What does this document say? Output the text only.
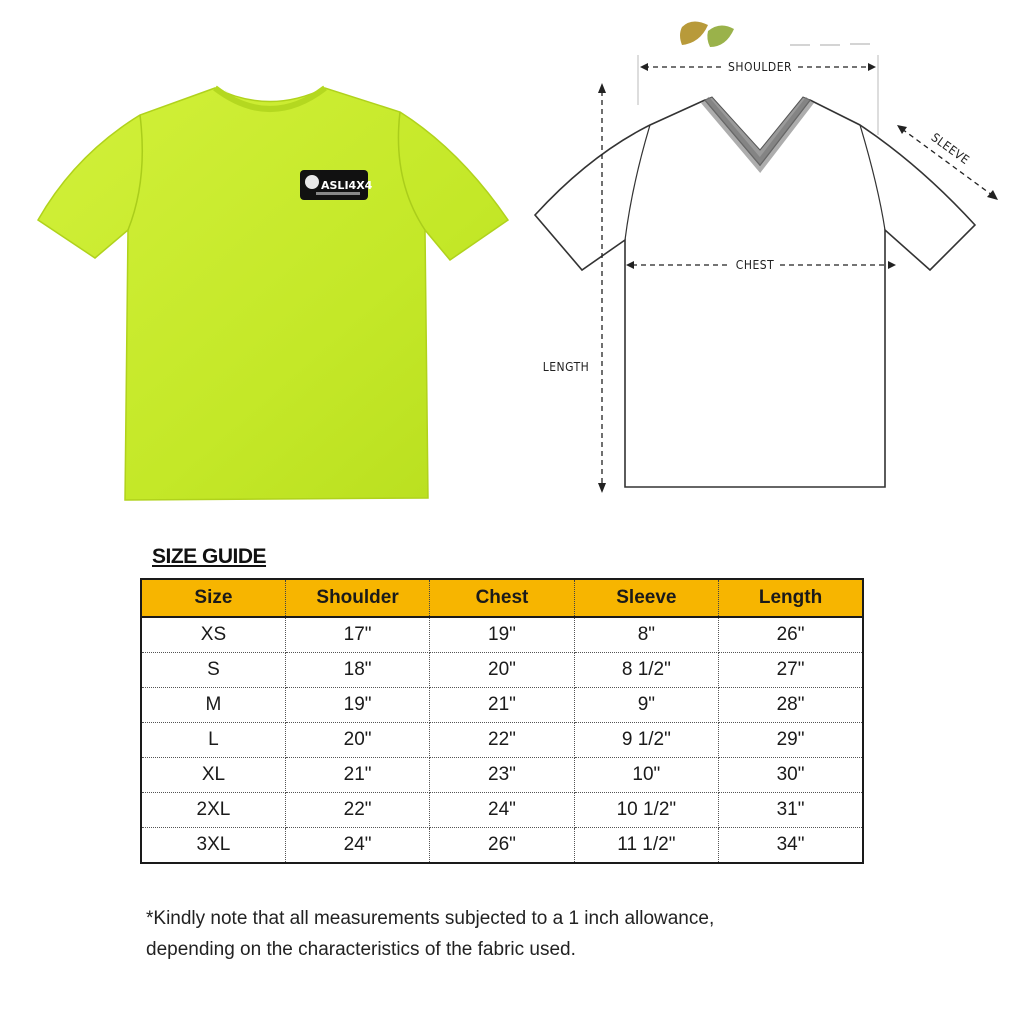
ASLI4X4
SHOULDER
SLEEVE
CHEST
LENGTH
SIZE GUIDE
Size	Shoulder	Chest	Sleeve	Length
XS	17"	19"	8"	26"
S	18"	20"	8 1/2"	27"
M	19"	21"	9"	28"
L	20"	22"	9 1/2"	29"
XL	21"	23"	10"	30"
2XL	22"	24"	10 1/2"	31"
3XL	24"	26"	11 1/2"	34"
*Kindly note that all measurements subjected to a 1 inch allowance,
depending on the characteristics of the fabric used.
